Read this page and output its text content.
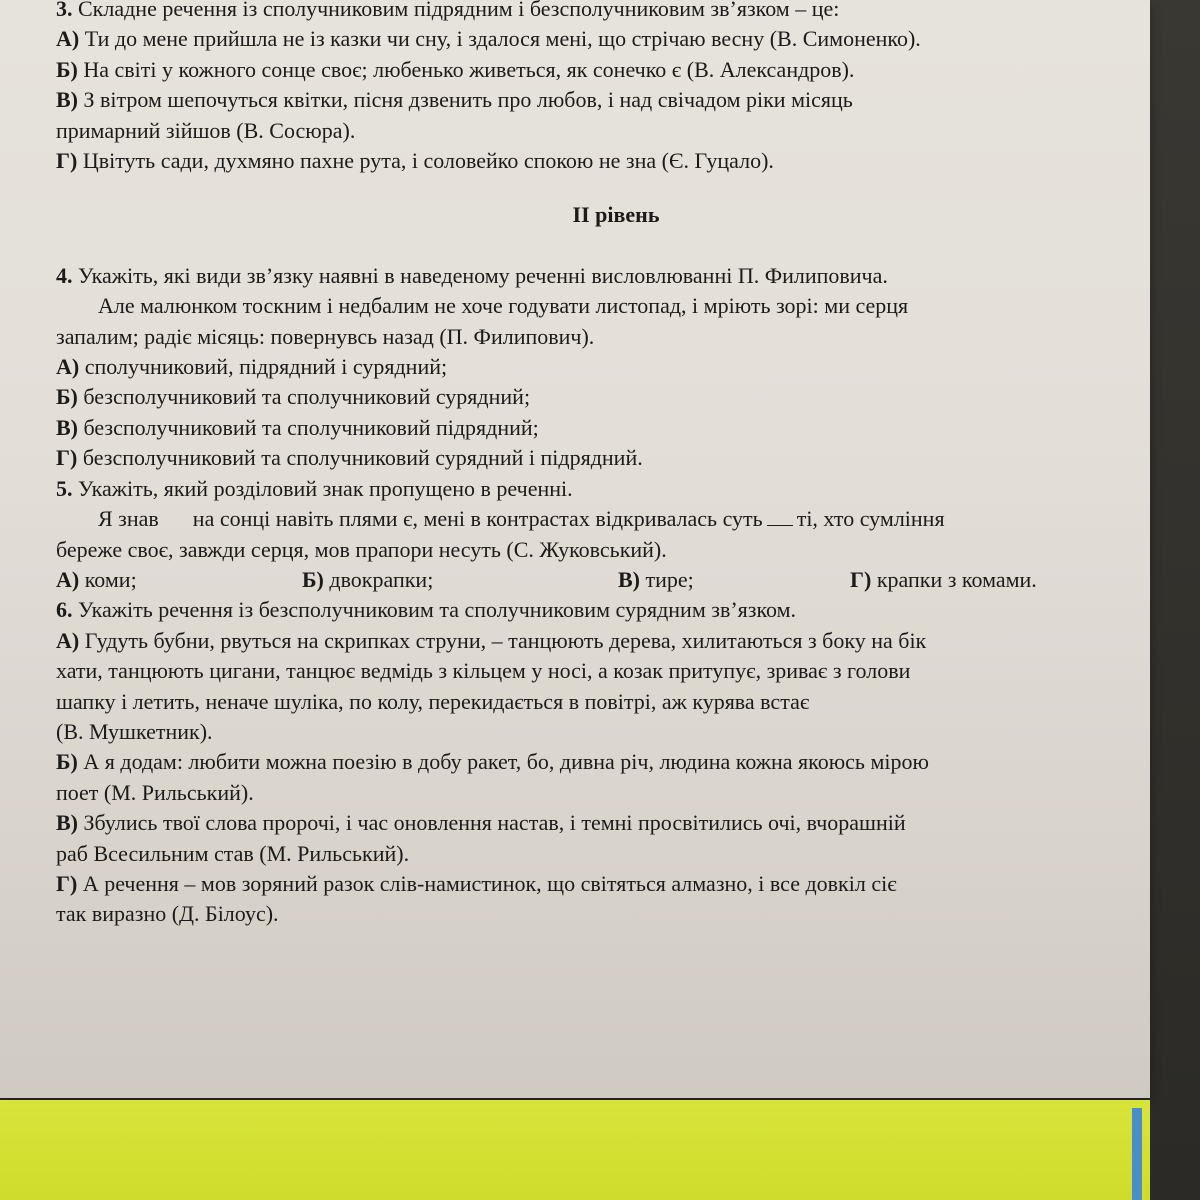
3. Складне речення із сполучниковим підрядним і безсполучниковим зв’язком – це:
А) Ти до мене прийшла не із казки чи сну, і здалося мені, що стрічаю весну (В. Симоненко).
Б) На світі у кожного сонце своє; любенько живеться, як сонечко є (В. Александров).
В) З вітром шепочуться квітки, пісня дзвенить про любов, і над свічадом ріки місяць
примарний зійшов (В. Сосюра).
Г) Цвітуть сади, духмяно пахне рута, і соловейко спокою не зна (Є. Гуцало).
II рівень
4. Укажіть, які види зв’язку наявні в наведеному реченні висловлюванні П. Филиповича.
Але малюнком тоскним і недбалим не хоче годувати листопад, і мріють зорі: ми серця
запалим; радіє місяць: повернувсь назад (П. Филипович).
А) сполучниковий, підрядний і сурядний;
Б) безсполучниковий та сполучниковий сурядний;
В) безсполучниковий та сполучниковий підрядний;
Г) безсполучниковий та сполучниковий сурядний і підрядний.
5. Укажіть, який розділовий знак пропущено в реченні.
Я знав на сонці навіть плями є, мені в контрастах відкривалась суть ті, хто сумління
береже своє, завжди серця, мов прапори несуть (С. Жуковський).
А) коми;	Б) двокрапки;	В) тире;	Г) крапки з комами.
6. Укажіть речення із безсполучниковим та сполучниковим сурядним зв’язком.
А) Гудуть бубни, рвуться на скрипках струни, – танцюють дерева, хилитаються з боку на бік
хати, танцюють цигани, танцює ведмідь з кільцем у носі, а козак притупує, зриває з голови
шапку і летить, неначе шуліка, по колу, перекидається в повітрі, аж курява встає
(В. Мушкетник).
Б) А я додам: любити можна поезію в добу ракет, бо, дивна річ, людина кожна якоюсь мірою
поет (М. Рильський).
В) Збулись твої слова пророчі, і час оновлення настав, і темні просвітились очі, вчорашній
раб Всесильним став (М. Рильський).
Г) А речення – мов зоряний разок слів-намистинок, що світяться алмазно, і все довкіл сіє
так виразно (Д. Білоус).
